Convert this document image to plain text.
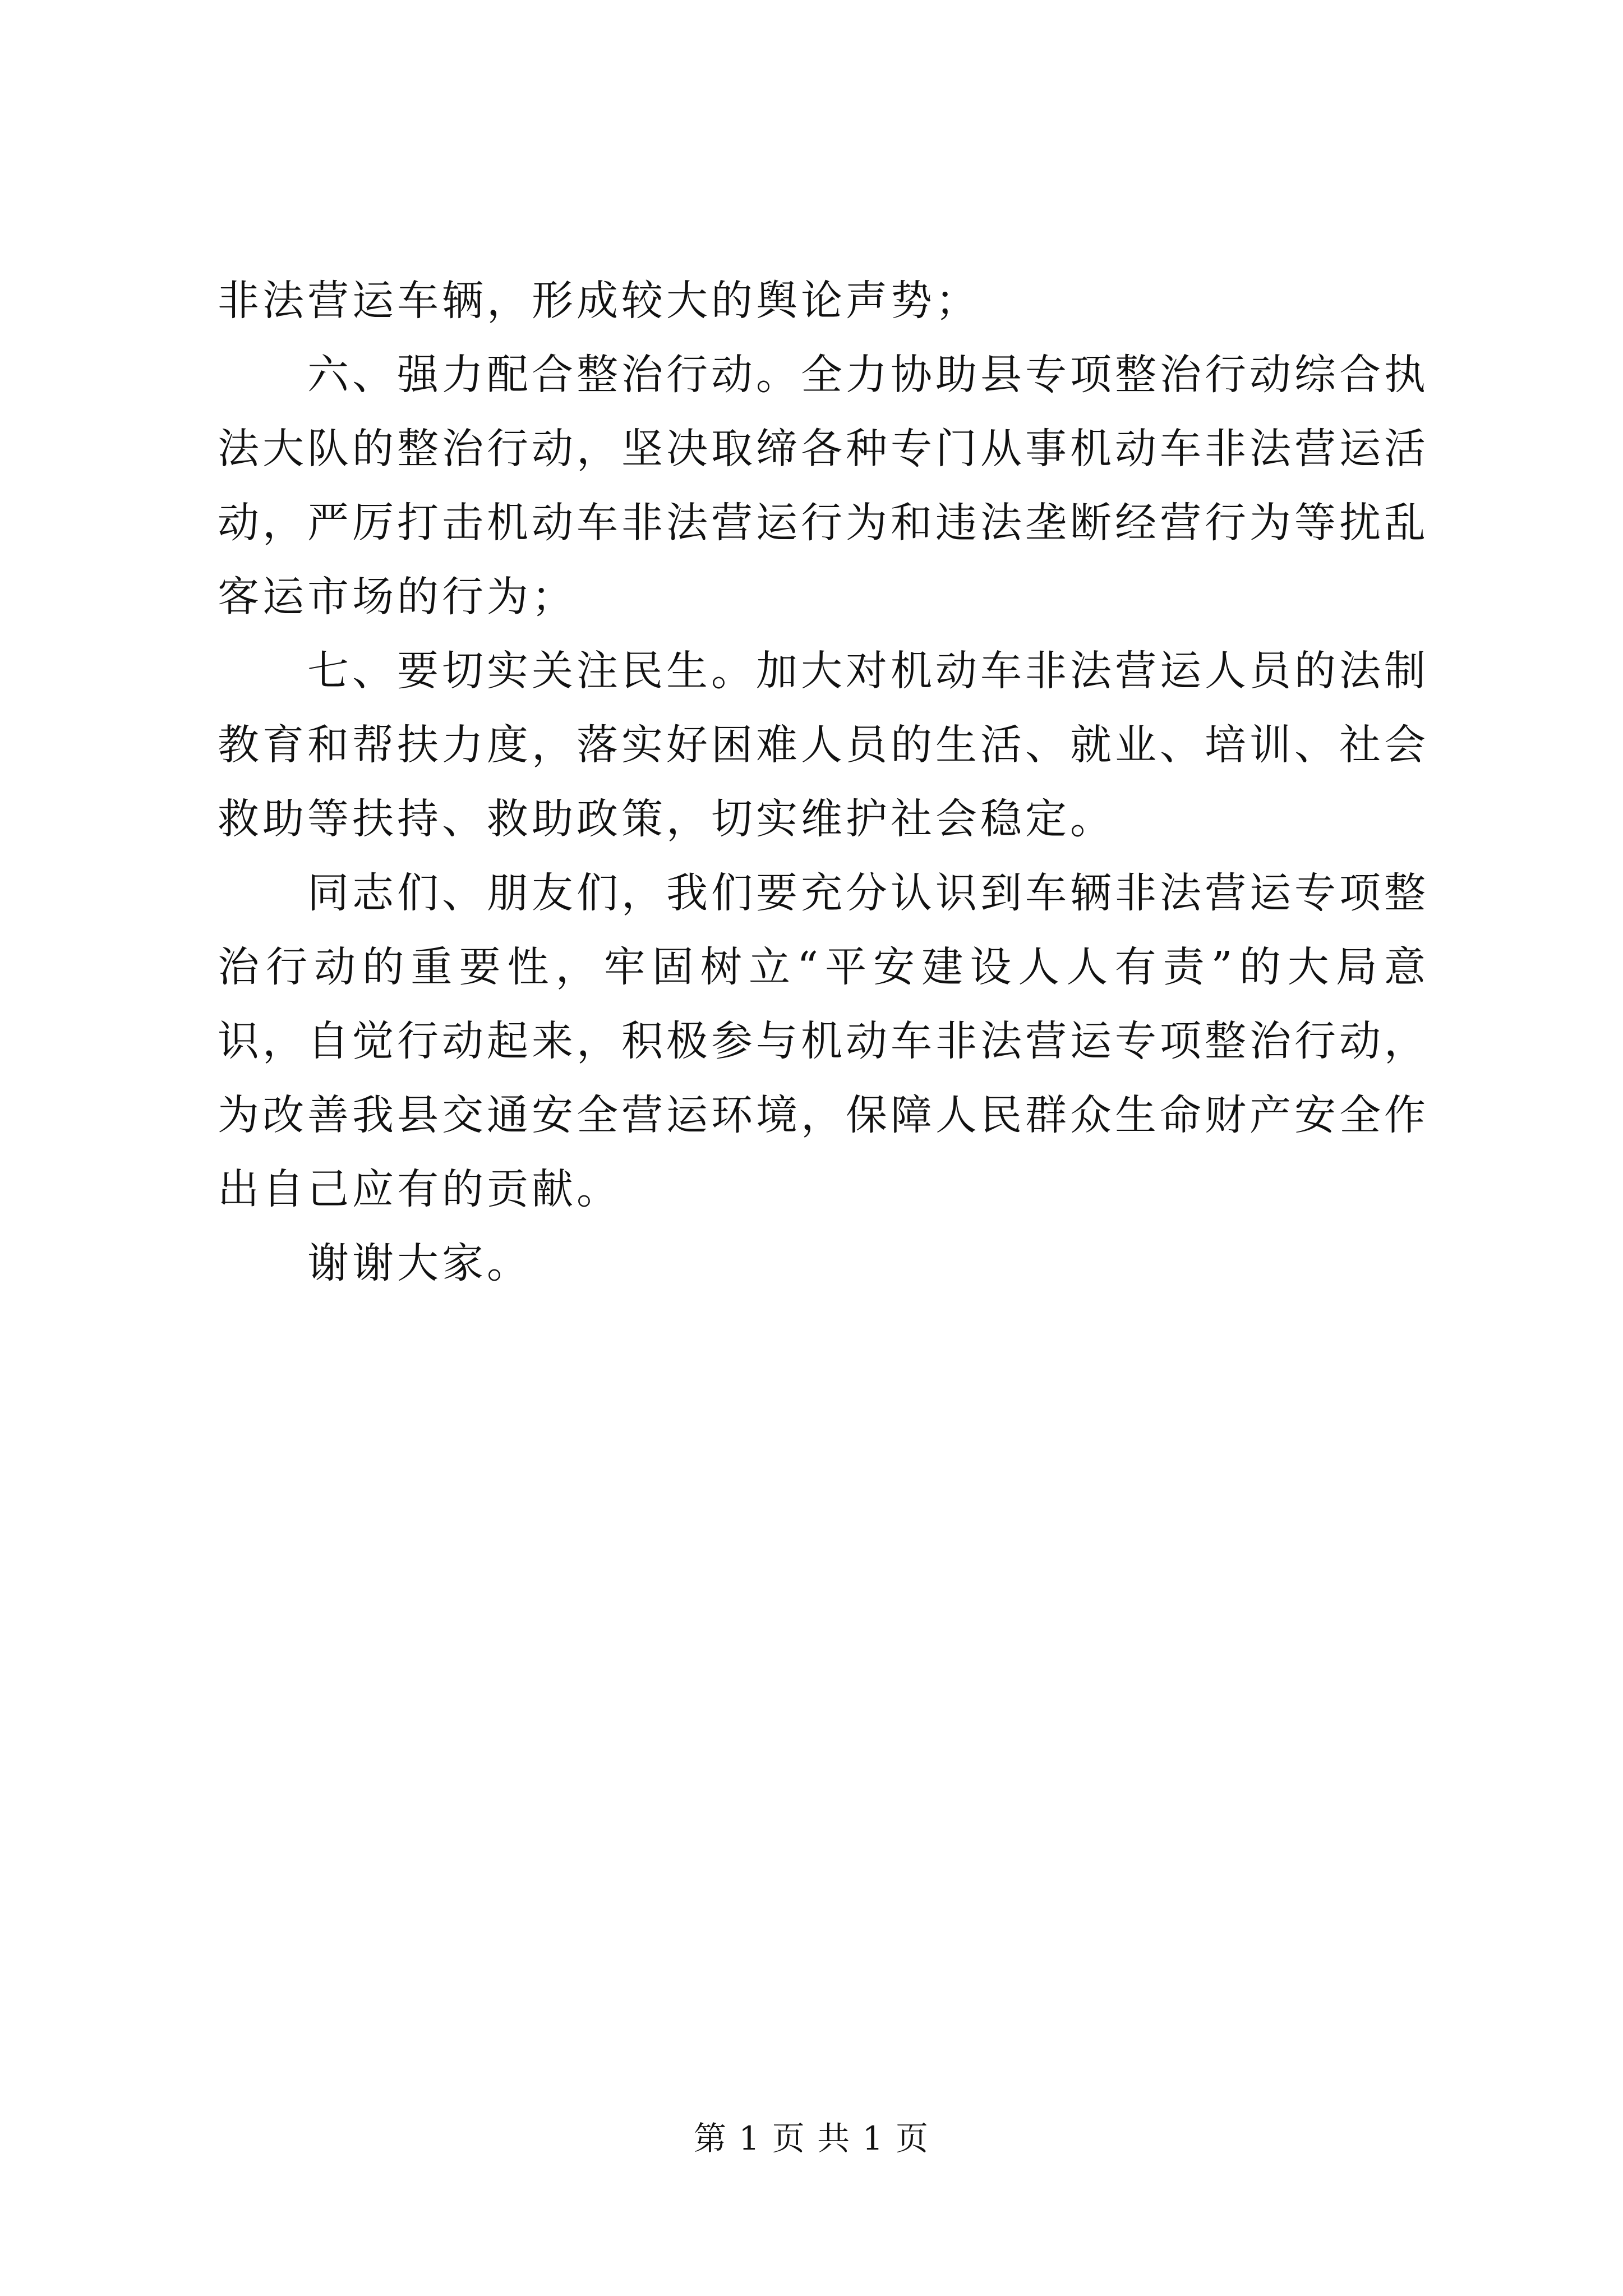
非法营运车辆，形成较大的舆论声势；

六、强力配合整治行动。全力协助县专项整治行动综合执法大队的整治行动，坚决取缔各种专门从事机动车非法营运活动，严厉打击机动车非法营运行为和违法垄断经营行为等扰乱客运市场的行为；

七、要切实关注民生。加大对机动车非法营运人员的法制教育和帮扶力度，落实好困难人员的生活、就业、培训、社会救助等扶持、救助政策，切实维护社会稳定。

同志们、朋友们，我们要充分认识到车辆非法营运专项整治行动的重要性，牢固树立“平安建设人人有责”的大局意识，自觉行动起来，积极参与机动车非法营运专项整治行动，为改善我县交通安全营运环境，保障人民群众生命财产安全作出自己应有的贡献。

谢谢大家。

第 1 页 共 1 页
